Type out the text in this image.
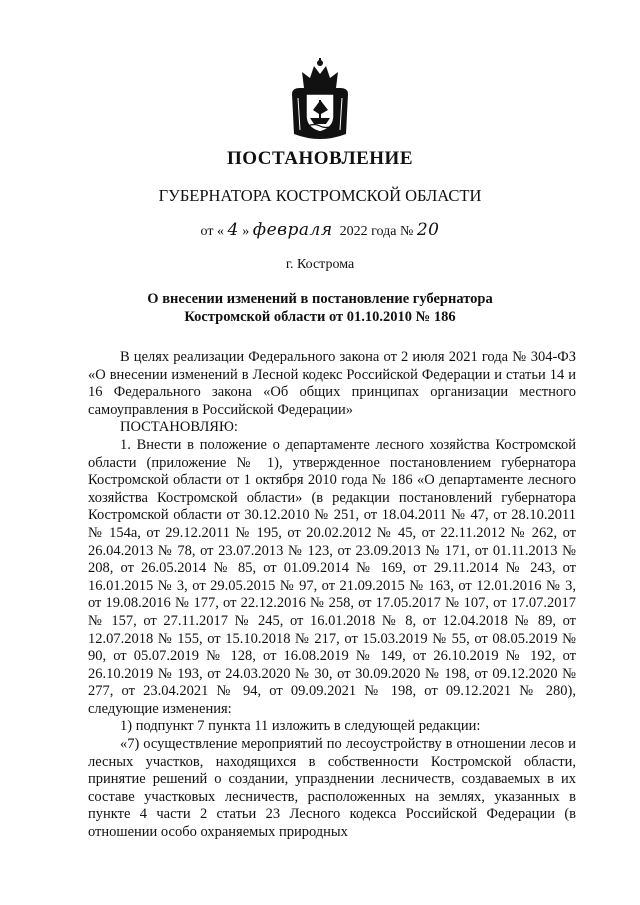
ПОСТАНОВЛЕНИЕ
ГУБЕРНАТОРА КОСТРОМСКОЙ ОБЛАСТИ
от « 4 » февраля 2022 года № 20
г. Кострома
О внесении изменений в постановление губернатора
Костромской области от 01.10.2010 № 186

В целях реализации Федерального закона от 2 июля 2021 года № 304-ФЗ «О внесении изменений в Лесной кодекс Российской Федерации и статьи 14 и 16 Федерального закона «Об общих принципах организации местного самоуправления в Российской Федерации»

ПОСТАНОВЛЯЮ:

1. Внести в положение о департаменте лесного хозяйства Костромской области (приложение № 1), утвержденное постановлением губернатора Костромской области от 1 октября 2010 года № 186 «О департаменте лесного хозяйства Костромской области» (в редакции постановлений губернатора Костромской области от 30.12.2010 № 251, от 18.04.2011 № 47, от 28.10.2011 № 154а, от 29.12.2011 № 195, от 20.02.2012 № 45, от 22.11.2012 № 262, от 26.04.2013 № 78, от 23.07.2013 № 123, от 23.09.2013 № 171, от 01.11.2013 № 208, от 26.05.2014 № 85, от 01.09.2014 № 169, от 29.11.2014 № 243, от 16.01.2015 № 3, от 29.05.2015 № 97, от 21.09.2015 № 163, от 12.01.2016 № 3, от 19.08.2016 № 177, от 22.12.2016 № 258, от 17.05.2017 № 107, от 17.07.2017 № 157, от 27.11.2017 № 245, от 16.01.2018 № 8, от 12.04.2018 № 89, от 12.07.2018 № 155, от 15.10.2018 № 217, от 15.03.2019 № 55, от 08.05.2019 № 90, от 05.07.2019 № 128, от 16.08.2019 № 149, от 26.10.2019 № 192, от 26.10.2019 № 193, от 24.03.2020 № 30, от 30.09.2020 № 198, от 09.12.2020 № 277, от 23.04.2021 № 94, от 09.09.2021 № 198, от 09.12.2021 № 280), следующие изменения:

1) подпункт 7 пункта 11 изложить в следующей редакции:

«7) осуществление мероприятий по лесоустройству в отношении лесов и лесных участков, находящихся в собственности Костромской области, принятие решений о создании, упразднении лесничеств, создаваемых в их составе участковых лесничеств, расположенных на землях, указанных в пункте 4 части 2 статьи 23 Лесного кодекса Российской Федерации (в отношении особо охраняемых природных
